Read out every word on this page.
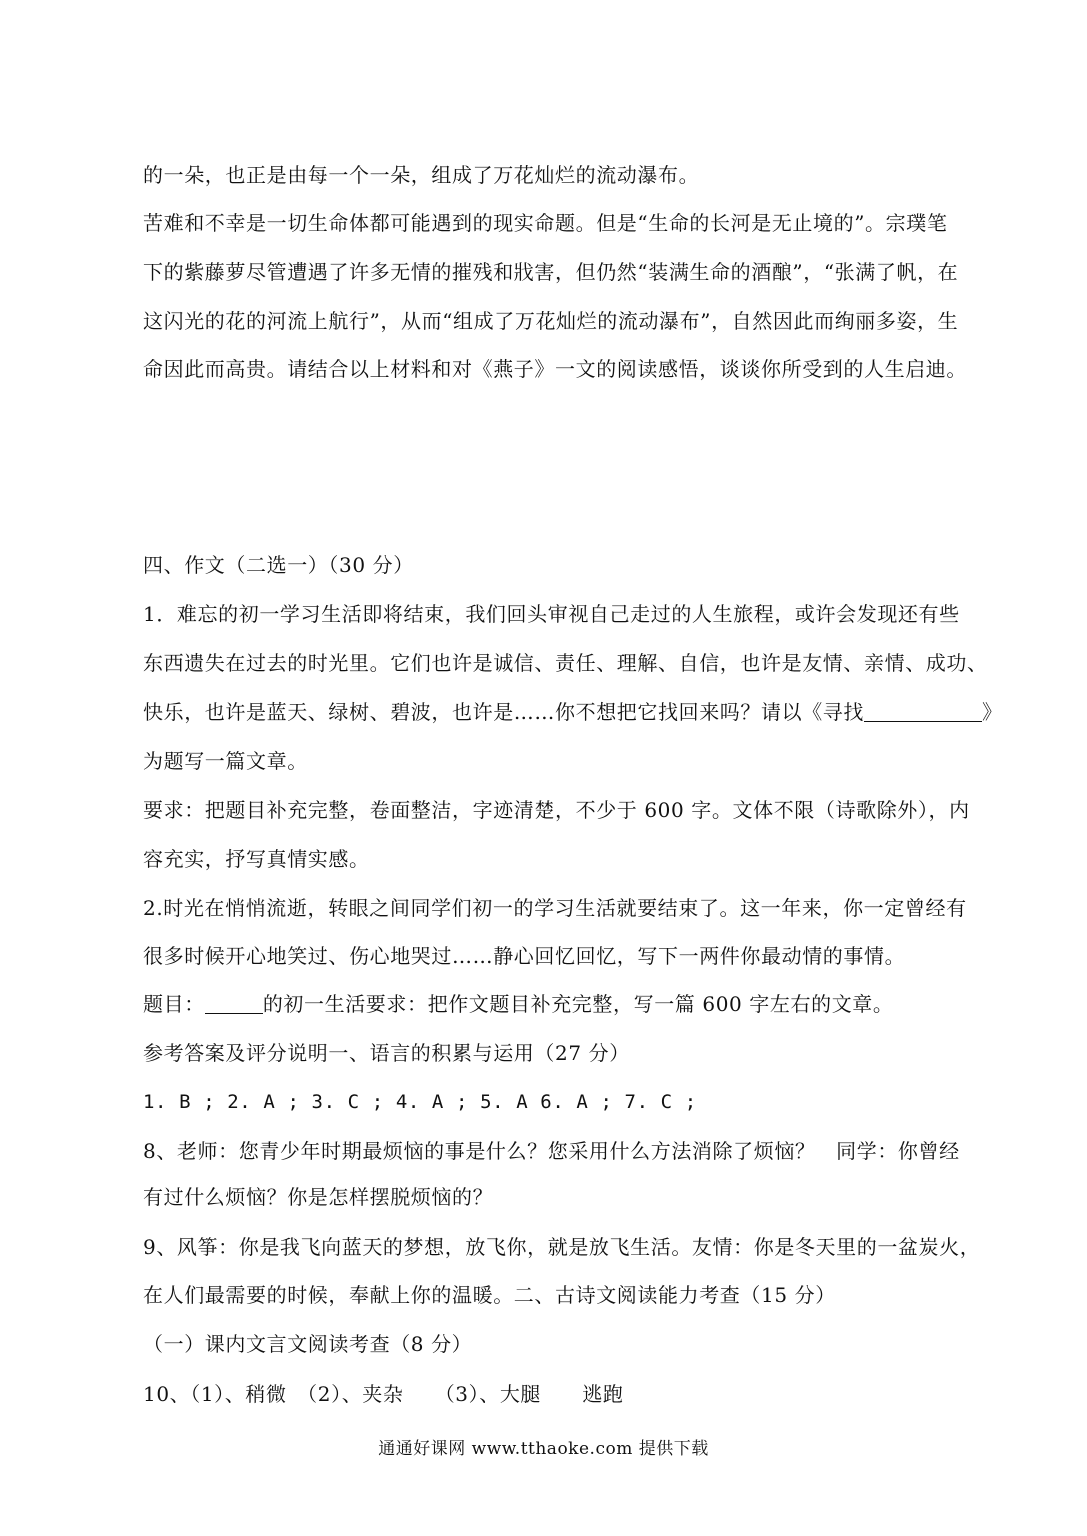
的一朵，也正是由每一个一朵，组成了万花灿烂的流动瀑布。
苦难和不幸是一切生命体都可能遇到的现实命题。但是“生命的长河是无止境的”。宗璞笔
下的紫藤萝尽管遭遇了许多无情的摧残和戕害，但仍然“装满生命的酒酿”，“张满了帆，在
这闪光的花的河流上航行”，从而“组成了万花灿烂的流动瀑布”，自然因此而绚丽多姿，生
命因此而高贵。请结合以上材料和对《燕子》一文的阅读感悟，谈谈你所受到的人生启迪。
四、作文（二选一）（30 分）
1．难忘的初一学习生活即将结束，我们回头审视自己走过的人生旅程，或许会发现还有些
东西遗失在过去的时光里。它们也许是诚信、责任、理解、自信，也许是友情、亲情、成功、
快乐，也许是蓝天、绿树、碧波，也许是……你不想把它找回来吗？请以《寻找	》
为题写一篇文章。
要求：把题目补充完整，卷面整洁，字迹清楚，不少于 600 字。文体不限（诗歌除外），内
容充实，抒写真情实感。
2.时光在悄悄流逝，转眼之间同学们初一的学习生活就要结束了。这一年来，你一定曾经有
很多时候开心地笑过、伤心地哭过……静心回忆回忆，写下一两件你最动情的事情。
题目：	的初一生活要求：把作文题目补充完整，写一篇 600 字左右的文章。
参考答案及评分说明一、语言的积累与运用（27 分）
1. B ; 2. A ; 3. C ; 4. A ; 5. A 6. A ; 7. C ;
8、老师：您青少年时期最烦恼的事是什么？您采用什么方法消除了烦恼？　同学：你曾经
有过什么烦恼？你是怎样摆脱烦恼的？
9、风筝：你是我飞向蓝天的梦想，放飞你，就是放飞生活。友情：你是冬天里的一盆炭火，
在人们最需要的时候，奉献上你的温暖。二、古诗文阅读能力考查（15 分）
（一）课内文言文阅读考查（8 分）
10、（1）、稍微　（2）、夹杂　　（3）、大腿　　逃跑
通通好课网 www.tthaoke.com 提供下载
